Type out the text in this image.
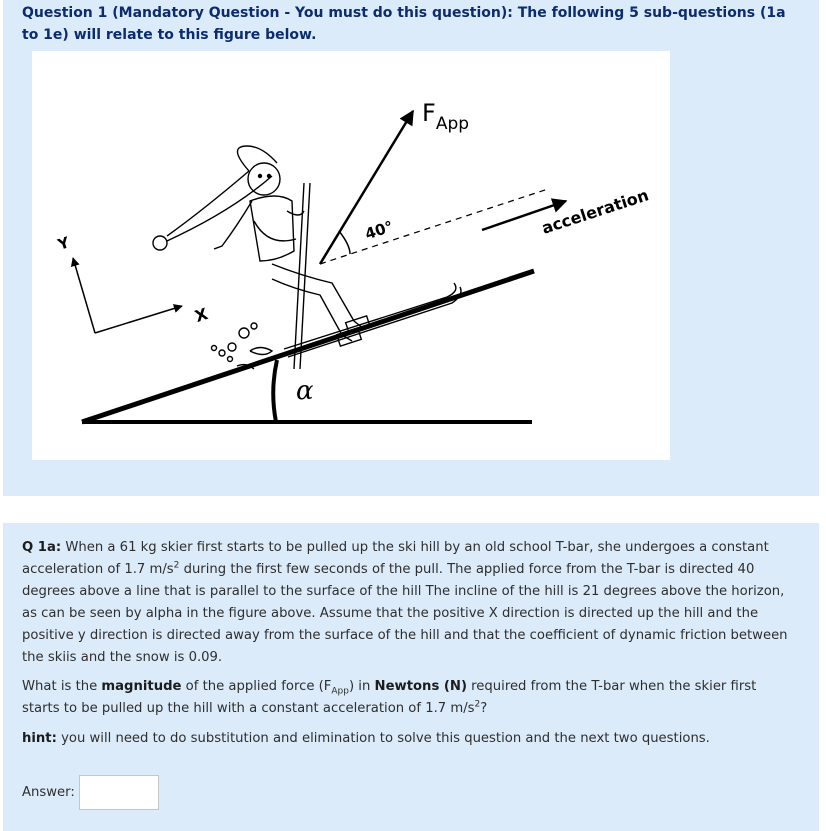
Question 1 (Mandatory Question - You must do this question): The following 5 sub-questions (1a to 1e) will relate to this figure below.
α
Y
X
$F_{App}$
40°	acceleration
Q 1a: When a 61 kg skier first starts to be pulled up the ski hill by an old school T-bar, she undergoes a constant acceleration of 1.7 $m/s^2$ during the first few seconds of the pull. The applied force from the T-bar is directed 40 degrees above a line that is parallel to the surface of the hill The incline of the hill is 21 degrees above the horizon, as can be seen by alpha in the figure above. Assume that the positive X direction is directed up the hill and the positive y direction is directed away from the surface of the hill and that the coefficient of dynamic friction between the skiis and the snow is 0.09.
What is the magnitude of the applied force $(F_{App})$ in Newtons (N) required from the T-bar when the skier first starts to be pulled up the hill with a constant acceleration of 1.7 $m/s^2$?
hint: you will need to do substitution and elimination to solve this question and the next two questions.
Answer:
